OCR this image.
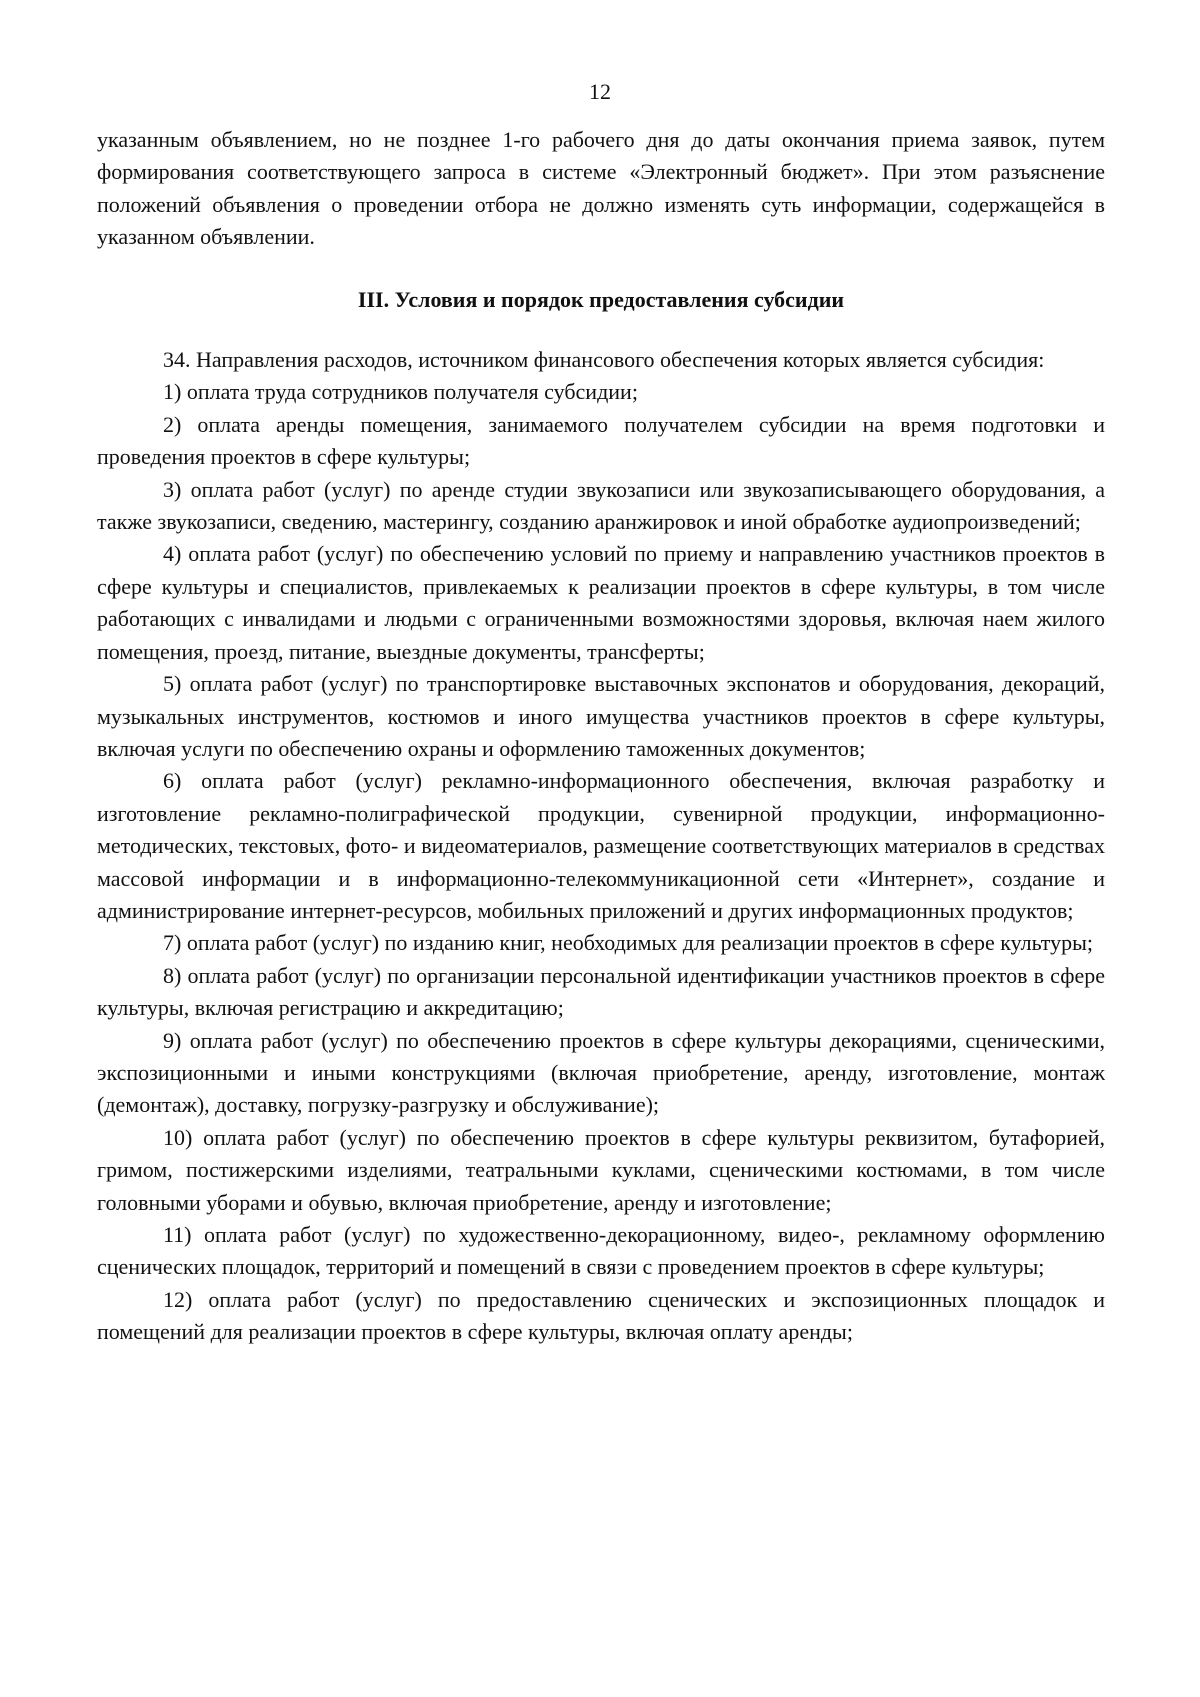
12

указанным объявлением, но не позднее 1-го рабочего дня до даты окончания приема заявок, путем формирования соответствующего запроса в системе «Электронный бюджет». При этом разъяснение положений объявления о проведении отбора не должно изменять суть информации, содержащейся в указанном объявлении.

III. Условия и порядок предоставления субсидии

34. Направления расходов, источником финансового обеспечения которых является субсидия:

1) оплата труда сотрудников получателя субсидии;

2) оплата аренды помещения, занимаемого получателем субсидии на время подготовки и проведения проектов в сфере культуры;

3) оплата работ (услуг) по аренде студии звукозаписи или звукозаписывающего оборудования, а также звукозаписи, сведению, мастерингу, созданию аранжировок и иной обработке аудиопроизведений;

4) оплата работ (услуг) по обеспечению условий по приему и направлению участников проектов в сфере культуры и специалистов, привлекаемых к реализации проектов в сфере культуры, в том числе работающих с инвалидами и людьми с ограниченными возможностями здоровья, включая наем жилого помещения, проезд, питание, выездные документы, трансферты;

5) оплата работ (услуг) по транспортировке выставочных экспонатов и оборудования, декораций, музыкальных инструментов, костюмов и иного имущества участников проектов в сфере культуры, включая услуги по обеспечению охраны и оформлению таможенных документов;

6) оплата работ (услуг) рекламно-информационного обеспечения, включая разработку и изготовление рекламно-полиграфической продукции, сувенирной продукции, информационно-методических, текстовых, фото- и видеоматериалов, размещение соответствующих материалов в средствах массовой информации и в информационно-телекоммуникационной сети «Интернет», создание и администрирование интернет-ресурсов, мобильных приложений и других информационных продуктов;

7) оплата работ (услуг) по изданию книг, необходимых для реализации проектов в сфере культуры;

8) оплата работ (услуг) по организации персональной идентификации участников проектов в сфере культуры, включая регистрацию и аккредитацию;

9) оплата работ (услуг) по обеспечению проектов в сфере культуры декорациями, сценическими, экспозиционными и иными конструкциями (включая приобретение, аренду, изготовление, монтаж (демонтаж), доставку, погрузку-разгрузку и обслуживание);

10) оплата работ (услуг) по обеспечению проектов в сфере культуры реквизитом, бутафорией, гримом, постижерскими изделиями, театральными куклами, сценическими костюмами, в том числе головными уборами и обувью, включая приобретение, аренду и изготовление;

11) оплата работ (услуг) по художественно-декорационному, видео-, рекламному оформлению сценических площадок, территорий и помещений в связи с проведением проектов в сфере культуры;

12) оплата работ (услуг) по предоставлению сценических и экспозиционных площадок и помещений для реализации проектов в сфере культуры, включая оплату аренды;
